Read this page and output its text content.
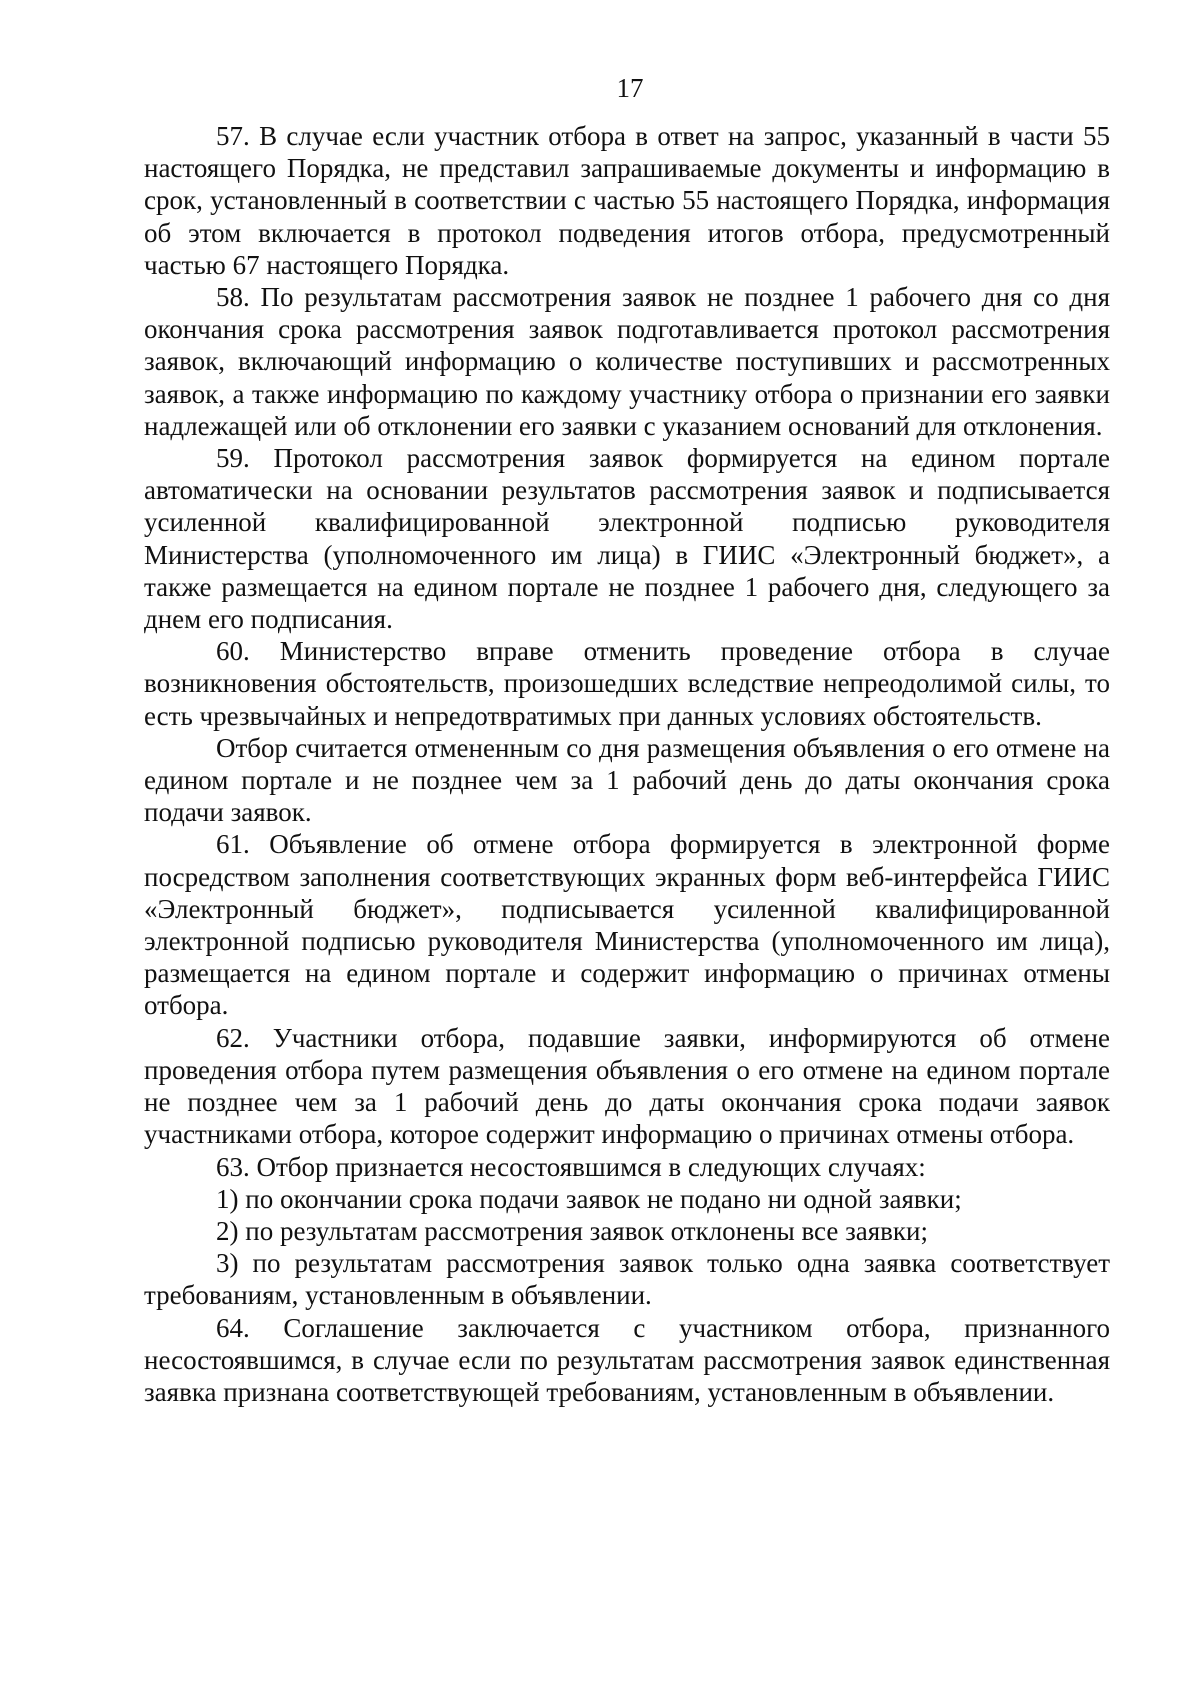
17

57. В случае если участник отбора в ответ на запрос, указанный в части 55 настоящего Порядка, не представил запрашиваемые документы и информацию в срок, установленный в соответствии с частью 55 настоящего Порядка, информация об этом включается в протокол подведения итогов отбора, предусмотренный частью 67 настоящего Порядка.

58. По результатам рассмотрения заявок не позднее 1 рабочего дня со дня окончания срока рассмотрения заявок подготавливается протокол рассмотрения заявок, включающий информацию о количестве поступивших и рассмотренных заявок, а также информацию по каждому участнику отбора о признании его заявки надлежащей или об отклонении его заявки с указанием оснований для отклонения.

59. Протокол рассмотрения заявок формируется на едином портале автоматически на основании результатов рассмотрения заявок и подписывается усиленной квалифицированной электронной подписью руководителя Министерства (уполномоченного им лица) в ГИИС «Электронный бюджет», а также размещается на едином портале не позднее 1 рабочего дня, следующего за днем его подписания.

60. Министерство вправе отменить проведение отбора в случае возникновения обстоятельств, произошедших вследствие непреодолимой силы, то есть чрезвычайных и непредотвратимых при данных условиях обстоятельств.

Отбор считается отмененным со дня размещения объявления о его отмене на едином портале и не позднее чем за 1 рабочий день до даты окончания срока подачи заявок.

61. Объявление об отмене отбора формируется в электронной форме посредством заполнения соответствующих экранных форм веб-интерфейса ГИИС «Электронный бюджет», подписывается усиленной квалифицированной электронной подписью руководителя Министерства (уполномоченного им лица), размещается на едином портале и содержит информацию о причинах отмены отбора.

62. Участники отбора, подавшие заявки, информируются об отмене проведения отбора путем размещения объявления о его отмене на едином портале не позднее чем за 1 рабочий день до даты окончания срока подачи заявок участниками отбора, которое содержит информацию о причинах отмены отбора.

63. Отбор признается несостоявшимся в следующих случаях:

1) по окончании срока подачи заявок не подано ни одной заявки;

2) по результатам рассмотрения заявок отклонены все заявки;

3) по результатам рассмотрения заявок только одна заявка соответствует требованиям, установленным в объявлении.

64. Соглашение заключается с участником отбора, признанного несостоявшимся, в случае если по результатам рассмотрения заявок единственная заявка признана соответствующей требованиям, установленным в объявлении.
